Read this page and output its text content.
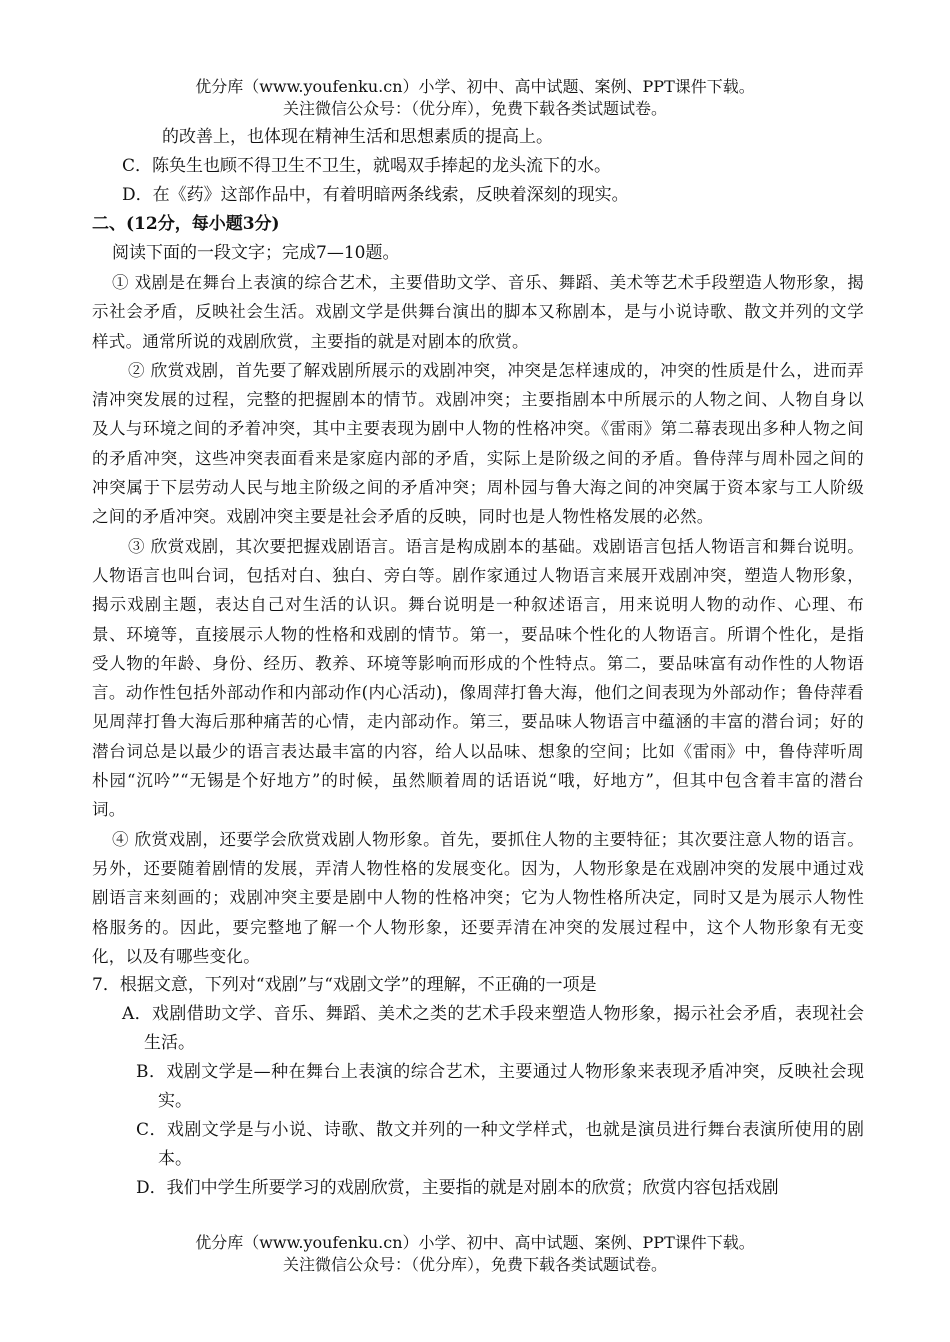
优分库（www.youfenku.cn）小学、初中、高中试题、案例、PPT课件下载。
关注微信公众号：（优分库），免费下载各类试题试卷。

的改善上，也体现在精神生活和思想素质的提高上。

C．陈奂生也顾不得卫生不卫生，就喝双手捧起的龙头流下的水。

D．在《药》这部作品中，有着明暗两条线索，反映着深刻的现实。

二、(12分，每小题3分)

阅读下面的一段文字；完成7—10题。

① 戏剧是在舞台上表演的综合艺术，主要借助文学、音乐、舞蹈、美术等艺术手段塑造人物形象，揭示社会矛盾，反映社会生活。戏剧文学是供舞台演出的脚本又称剧本，是与小说诗歌、散文并列的文学样式。通常所说的戏剧欣赏，主要指的就是对剧本的欣赏。

② 欣赏戏剧，首先要了解戏剧所展示的戏剧冲突，冲突是怎样速成的，冲突的性质是什么，进而弄清冲突发展的过程，完整的把握剧本的情节。戏剧冲突；主要指剧本中所展示的人物之间、人物自身以及人与环境之间的矛着冲突，其中主要表现为剧中人物的性格冲突。《雷雨》第二幕表现出多种人物之间的矛盾冲突，这些冲突表面看来是家庭内部的矛盾，实际上是阶级之间的矛盾。鲁侍萍与周朴园之间的冲突属于下层劳动人民与地主阶级之间的矛盾冲突；周朴园与鲁大海之间的冲突属于资本家与工人阶级之间的矛盾冲突。戏剧冲突主要是社会矛盾的反映，同时也是人物性格发展的必然。

③ 欣赏戏剧，其次要把握戏剧语言。语言是构成剧本的基础。戏剧语言包括人物语言和舞台说明。人物语言也叫台词，包括对白、独白、旁白等。剧作家通过人物语言来展开戏剧冲突，塑造人物形象，揭示戏剧主题，表达自己对生活的认识。舞台说明是一种叙述语言，用来说明人物的动作、心理、布景、环境等，直接展示人物的性格和戏剧的情节。第一，要品味个性化的人物语言。所谓个性化，是指受人物的年龄、身份、经历、教养、环境等影响而形成的个性特点。第二，要品味富有动作性的人物语言。动作性包括外部动作和内部动作(内心活动)，像周萍打鲁大海，他们之间表现为外部动作；鲁侍萍看见周萍打鲁大海后那种痛苦的心情，走内部动作。第三，要品味人物语言中蕴涵的丰富的潜台词；好的潜台词总是以最少的语言表达最丰富的内容，给人以品味、想象的空间；比如《雷雨》中，鲁侍萍听周朴园“沉吟”“无锡是个好地方”的时候，虽然顺着周的话语说“哦，好地方”，但其中包含着丰富的潜台词。

④ 欣赏戏剧，还要学会欣赏戏剧人物形象。首先，要抓住人物的主要特征；其次要注意人物的语言。另外，还要随着剧情的发展，弄清人物性格的发展变化。因为，人物形象是在戏剧冲突的发展中通过戏剧语言来刻画的；戏剧冲突主要是剧中人物的性格冲突；它为人物性格所决定，同时又是为展示人物性格服务的。因此，要完整地了解一个人物形象，还要弄清在冲突的发展过程中，这个人物形象有无变化，以及有哪些变化。

7．根据文意，下列对“戏剧”与“戏剧文学”的理解，不正确的一项是

A．戏剧借助文学、音乐、舞蹈、美术之类的艺术手段来塑造人物形象，揭示社会矛盾，表现社会生活。

B．戏剧文学是—种在舞台上表演的综合艺术，主要通过人物形象来表现矛盾冲突，反映社会现实。

C．戏剧文学是与小说、诗歌、散文并列的一种文学样式，也就是演员进行舞台表演所使用的剧本。

D．我们中学生所要学习的戏剧欣赏，主要指的就是对剧本的欣赏；欣赏内容包括戏剧

优分库（www.youfenku.cn）小学、初中、高中试题、案例、PPT课件下载。
关注微信公众号：（优分库），免费下载各类试题试卷。
